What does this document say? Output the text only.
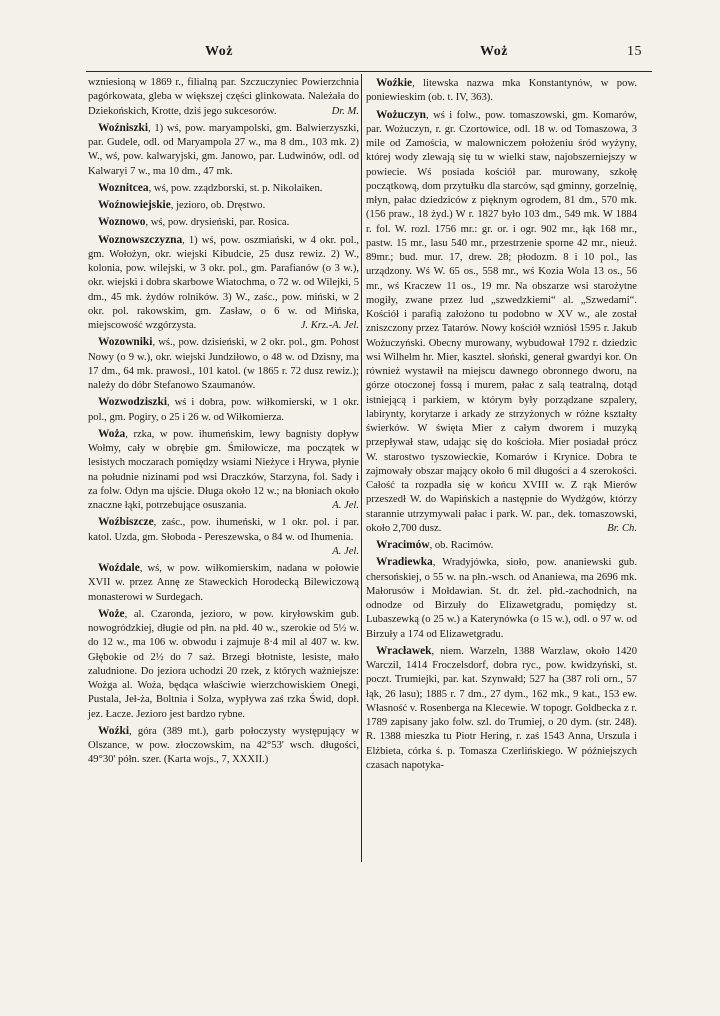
Woż	Woż	15

wzniesioną w 1869 r., filialną par. Szczuczyniec Powierzchnia pagórkowata, gleba w większej części glinkowata. Należała do Dziekońskich, Krotte, dziś jego sukcesorów.	Dr. M.

Woźniszki, 1) wś, pow. maryampolski, gm. Balwierzyszki, par. Gudele, odl. od Maryampola 27 w., ma 8 dm., 103 mk. 2) W., wś, pow. kalwaryjski, gm. Janowo, par. Ludwinów, odl. od Kalwaryi 7 w., ma 10 dm., 47 mk.

Woznitcea, wś, pow. zządzborski, st. p. Nikolaiken.

Woźnowiejskie, jezioro, ob. Dręstwo.

Woznowo, wś, pow. drysieński, par. Rosica.

Woznowszczyzna, 1) wś, pow. oszmiański, w 4 okr. pol., gm. Wołożyn, okr. wiejski Kibudcie, 25 dusz rewiz. 2) W., kolonia, pow. wilejski, w 3 okr. pol., gm. Parafianów (o 3 w.), okr. wiejski i dobra skarbowe Wiatochma, o 72 w. od Wilejki, 5 dm., 45 mk. żydów rolników. 3) W., zaśc., pow. miński, w 2 okr. pol. rakowskim, gm. Zasław, o 6 w. od Mińska, miejscowość wzgórzysta.	J. Krz.-A. Jel.

Wozowniki, wś., pow. dzisieński, w 2 okr. pol., gm. Pohost Nowy (o 9 w.), okr. wiejski Jundziłowo, o 48 w. od Dzisny, ma 17 dm., 64 mk. prawosł., 101 katol. (w 1865 r. 72 dusz rewiz.); należy do dóbr Stefanowo Szaumanów.

Wozwodziszki, wś i dobra, pow. wiłkomierski, w 1 okr. pol., gm. Pogiry, o 25 i 26 w. od Wiłkomierza.

Woża, rzka, w pow. ihumeńskim, lewy bagnisty dopływ Wołmy, cały w obrębie gm. Śmiłowicze, ma początek w lesistych moczarach pomiędzy wsiami Nieżyce i Hrywa, płynie na południe nizinami pod wsi Draczków, Starzyna, fol. Sady i za folw. Odyn ma ujście. Długa około 12 w.; na błoniach około znaczne łąki, potrzebujące osuszania.	A. Jel.

Woźbiszcze, zaśc., pow. ihumeński, w 1 okr. pol. i par. katol. Uzda, gm. Słoboda - Pereszewska, o 84 w. od Ihumenia.
A. Jel.

Woźdale, wś, w pow. wiłkomierskim, nadana w połowie XVII w. przez Annę ze Staweckich Horodecką Bilewiczową monasterowi w Surdegach.

Woże, al. Czaronda, jezioro, w pow. kiryłowskim gub. nowogródzkiej, długie od płn. na płd. 40 w., szerokie od 5½ w. do 12 w., ma 106 w. obwodu i zajmuje 8·4 mil al 407 w. kw. Głębokie od 2½ do 7 saż. Brzegi błotniste, lesiste, mało zaludnione. Do jeziora uchodzi 20 rzek, z których ważniejsze: Wożga al. Woża, będąca właściwie wierzchowiskiem Onegi, Pustala, Jeł-ża, Boltnia i Solza, wypływa zaś rzka Świd, dopł. jez. Łacze. Jezioro jest bardzo rybne.

Woźki, góra (389 mt.), garb połoczysty występujący w Olszance, w pow. złoczowskim, na 42°53' wsch. długości, 49°30' półn. szer. (Karta wojs., 7, XXXII.)

Woźkie, litewska nazwa mka Konstantynów, w pow. poniewieskim (ob. t. IV, 363).

Wożuczyn, wś i folw., pow. tomaszowski, gm. Komarów, par. Wożuczyn, r. gr. Czortowice, odl. 18 w. od Tomaszowa, 3 mile od Zamościa, w malowniczem położeniu śród wyżyny, której wody zlewają się tu w wielki staw, najobszerniejszy w powiecie. Wś posiada kościół par. murowany, szkołę początkową, dom przytułku dla starców, sąd gminny, gorzelnię, młyn, pałac dziedziców z pięknym ogrodem, 81 dm., 570 mk. (156 praw., 18 żyd.) W r. 1827 było 103 dm., 549 mk. W 1884 r. fol. W. rozl. 1756 mr.: gr. or. i ogr. 902 mr., łąk 168 mr., pastw. 15 mr., lasu 540 mr., przestrzenie sporne 42 mr., nieuż. 89mr.; bud. mur. 17, drew. 28; płodozm. 8 i 10 pol., las urządzony. Wś W. 65 os., 558 mr., wś Kozia Wola 13 os., 56 mr., wś Kraczew 11 os., 19 mr. Na obszarze wsi starożytne mogiły, zwane przez lud „szwedzkiemi“ al. „Szwedami“. Kościół i parafią założono tu podobno w XV w., ale został zniszczony przez Tatarów. Nowy kościół wzniósł 1595 r. Jakub Wożuczyński. Obecny murowany, wybudował 1792 r. dziedzic wsi Wilhelm hr. Mier, kasztel. słoński, generał gwardyi kor. On również wystawił na miejscu dawnego obronnego dworu, na górze otoczonej fossą i murem, pałac z salą teatralną, dotąd istniejącą i parkiem, w którym były porządzane szpalery, labirynty, korytarze i arkady ze strzyżonych w różne kształty świerków. W święta Mier z całym dworem i muzyką przepływał staw, udając się do kościoła. Mier posiadał prócz W. starostwo tyszowieckie, Komarów i Krynice. Dobra te zajmowały obszar mający około 6 mil długości a 4 szerokości. Całość ta rozpadła się w końcu XVIII w. Z rąk Mierów przeszedł W. do Wapińskich a następnie do Wydżgów, którzy starannie utrzymywali pałac i park. W. par., dek. tomaszowski, około 2,700 dusz.	Br. Ch.

Wracimów, ob. Racimów.

Wradiewka, Wradyjówka, sioło, pow. ananiewski gub. chersońskiej, o 55 w. na płn.-wsch. od Ananiewa, ma 2696 mk. Małorusów i Mołdawian. St. dr. żel. płd.-zachodnich, na odnodze od Birzuły do Elizawetgradu, pomiędzy st. Lubaszewką (o 25 w.) a Katerynówka (o 15 w.), odl. o 97 w. od Birzuły a 174 od Elizawetgradu.

Wracławek, niem. Warzeln, 1388 Warzlaw, około 1420 Warczil, 1414 Froczelsdorf, dobra ryc., pow. kwidzyński, st. poczt. Trumiejki, par. kat. Szynwałd; 527 ha (387 roli orn., 57 łąk, 26 lasu); 1885 r. 7 dm., 27 dym., 162 mk., 9 kat., 153 ew. Własność v. Rosenberga na Klecewie. W topogr. Goldbecka z r. 1789 zapisany jako folw. szl. do Trumiej, o 20 dym. (str. 248). R. 1388 mieszka tu Piotr Hering, r. zaś 1543 Anna, Urszula i Elżbieta, córka ś. p. Tomasza Czerlińskiego. W późniejszych czasach napotyka-
